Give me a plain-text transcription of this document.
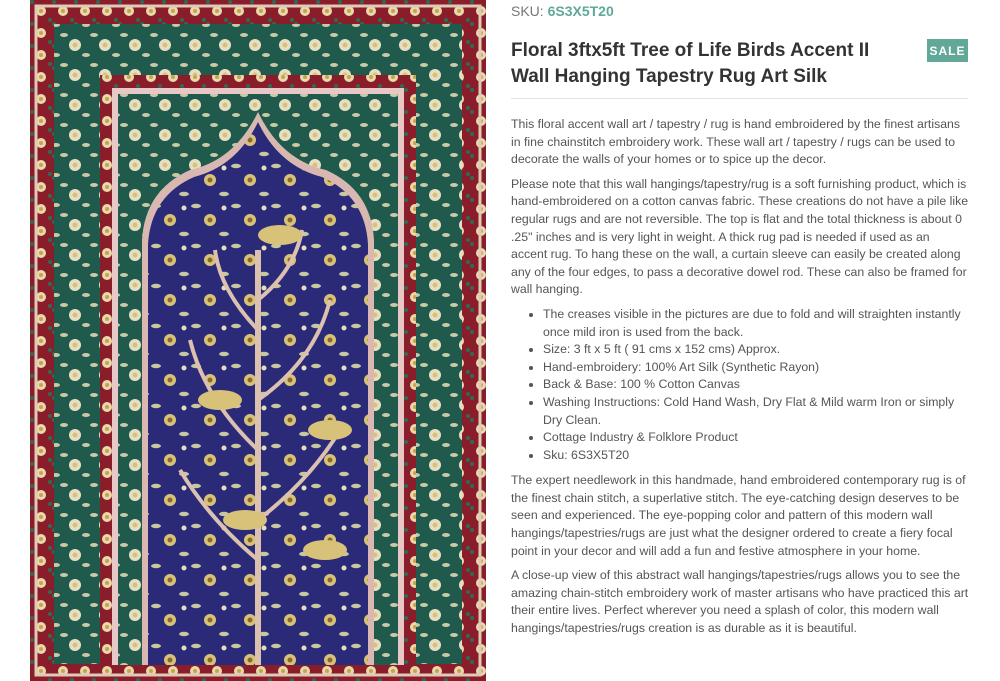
SKU: 6S3X5T20
Floral 3ftx5ft Tree of Life Birds Accent II Wall Hanging Tapestry Rug Art Silk
SALE

This floral accent wall art / tapestry / rug is hand embroidered by the finest artisans in fine chainstitch embroidery work. These wall art / tapestry / rugs can be used to decorate the walls of your homes or to spice up the decor.

Please note that this wall hangings/tapestry/rug is a soft furnishing product, which is hand-embroidered on a cotton canvas fabric. These creations do not have a pile like regular rugs and are not reversible. The top is flat and the total thickness is about 0 .25" inches and is very light in weight. A thick rug pad is needed if used as an accent rug. To hang these on the wall, a curtain sleeve can easily be created along any of the four edges, to pass a decorative dowel rod. These can also be framed for wall hanging.

• The creases visible in the pictures are due to fold and will straighten instantly once mild iron is used from the back.
• Size: 3 ft x 5 ft ( 91 cms x 152 cms) Approx.
• Hand-embroidery: 100% Art Silk (Synthetic Rayon)
• Back & Base: 100 % Cotton Canvas
• Washing Instructions: Cold Hand Wash, Dry Flat & Mild warm Iron or simply Dry Clean.
• Cottage Industry & Folklore Product
• Sku: 6S3X5T20

The expert needlework in this handmade, hand embroidered contemporary rug is of the finest chain stitch, a superlative stitch. The eye-catching design deserves to be seen and experienced. The eye-popping color and pattern of this modern wall hangings/tapestries/rugs are just what the designer ordered to create a fiery focal point in your decor and will add a fun and festive atmosphere in your home.

A close-up view of this abstract wall hangings/tapestries/rugs allows you to see the amazing chain-stitch embroidery work of master artisans who have practiced this art their entire lives. Perfect wherever you need a splash of color, this modern wall hangings/tapestries/rugs creation is as durable as it is beautiful.
